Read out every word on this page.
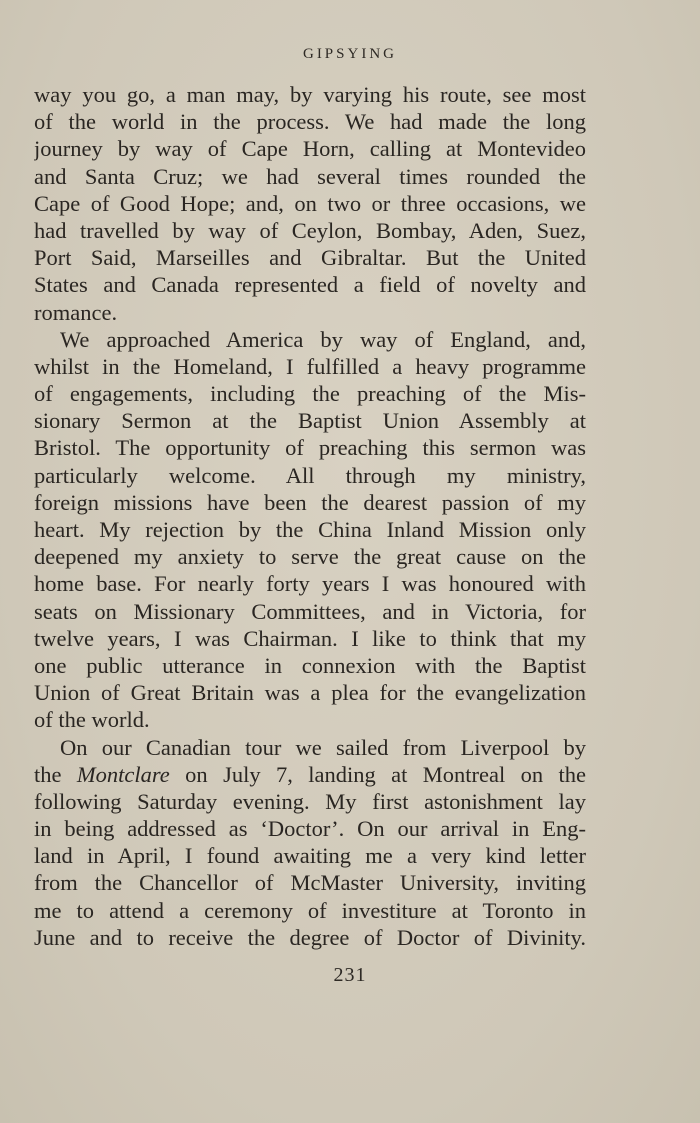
GIPSYING
way you go, a man may, by varying his route, see most
of the world in the process. We had made the long
journey by way of Cape Horn, calling at Montevideo
and Santa Cruz; we had several times rounded the
Cape of Good Hope; and, on two or three occasions, we
had travelled by way of Ceylon, Bombay, Aden, Suez,
Port Said, Marseilles and Gibraltar. But the United
States and Canada represented a field of novelty and
romance.
We approached America by way of England, and,
whilst in the Homeland, I fulfilled a heavy programme
of engagements, including the preaching of the Mis-
sionary Sermon at the Baptist Union Assembly at
Bristol. The opportunity of preaching this sermon was
particularly welcome. All through my ministry,
foreign missions have been the dearest passion of my
heart. My rejection by the China Inland Mission only
deepened my anxiety to serve the great cause on the
home base. For nearly forty years I was honoured with
seats on Missionary Committees, and in Victoria, for
twelve years, I was Chairman. I like to think that my
one public utterance in connexion with the Baptist
Union of Great Britain was a plea for the evangelization
of the world.
On our Canadian tour we sailed from Liverpool by
the Montclare on July 7, landing at Montreal on the
following Saturday evening. My first astonishment lay
in being addressed as ‘Doctor’. On our arrival in Eng-
land in April, I found awaiting me a very kind letter
from the Chancellor of McMaster University, inviting
me to attend a ceremony of investiture at Toronto in
June and to receive the degree of Doctor of Divinity.
231
